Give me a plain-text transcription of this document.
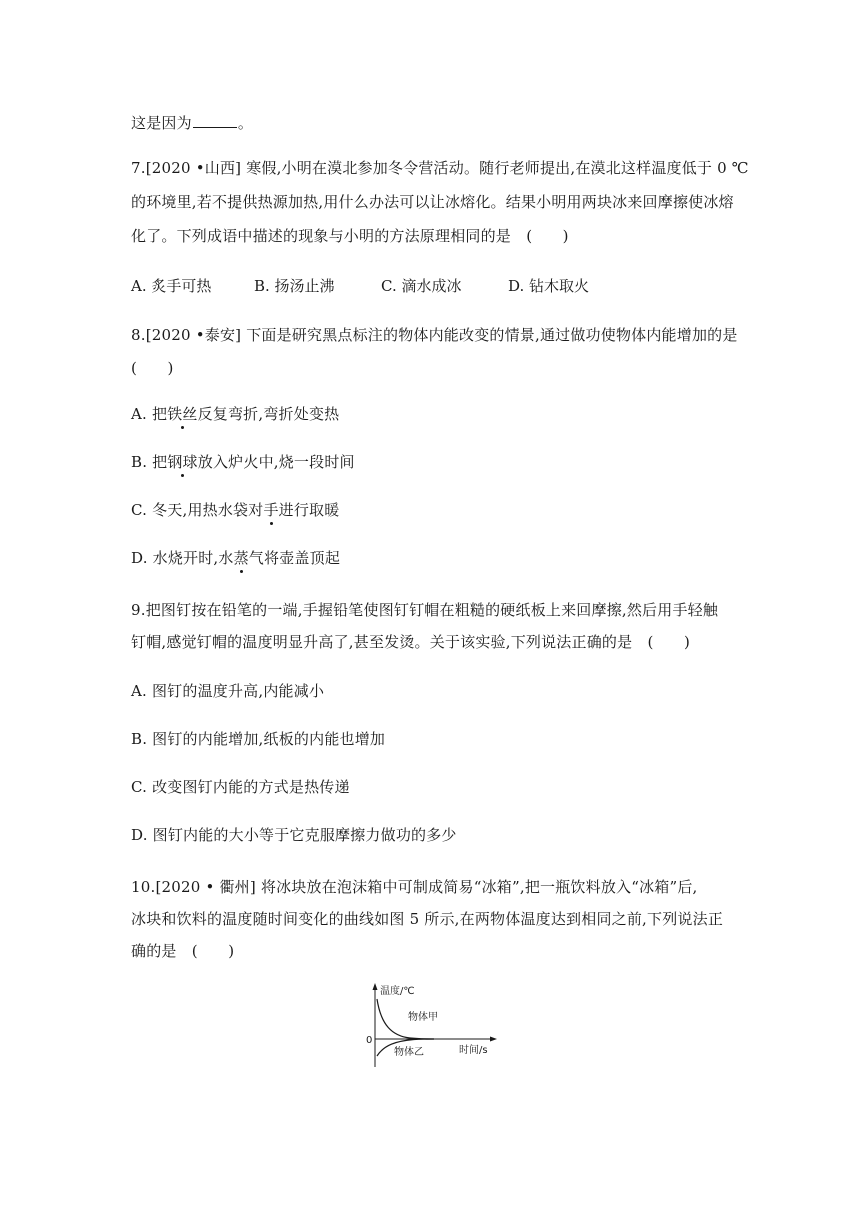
这是因为	。
7.[2020 •山西] 寒假,小明在漠北参加冬令营活动。随行老师提出,在漠北这样温度低于 0 ℃
的环境里,若不提供热源加热,用什么办法可以让冰熔化。结果小明用两块冰来回摩擦使冰熔
化了。下列成语中描述的现象与小明的方法原理相同的是　(　　)
A. 炙手可热	B. 扬汤止沸	C. 滴水成冰	D. 钻木取火
8.[2020 •泰安] 下面是研究黑点标注的物体内能改变的情景,通过做功使物体内能增加的是
(　　)
A. 把铁丝反复弯折,弯折处变热
B. 把钢球放入炉火中,烧一段时间
C. 冬天,用热水袋对手进行取暖
D. 水烧开时,水蒸气将壶盖顶起
9.把图钉按在铅笔的一端,手握铅笔使图钉钉帽在粗糙的硬纸板上来回摩擦,然后用手轻触
钉帽,感觉钉帽的温度明显升高了,甚至发烫。关于该实验,下列说法正确的是　(　　)
A. 图钉的温度升高,内能减小
B. 图钉的内能增加,纸板的内能也增加
C. 改变图钉内能的方式是热传递
D. 图钉内能的大小等于它克服摩擦力做功的多少
10.[2020 • 衢州] 将冰块放在泡沫箱中可制成简易“冰箱”,把一瓶饮料放入“冰箱”后,
冰块和饮料的温度随时间变化的曲线如图 5 所示,在两物体温度达到相同之前,下列说法正
确的是　(　　)
温度/℃
时间/s
0
物体甲
物体乙
